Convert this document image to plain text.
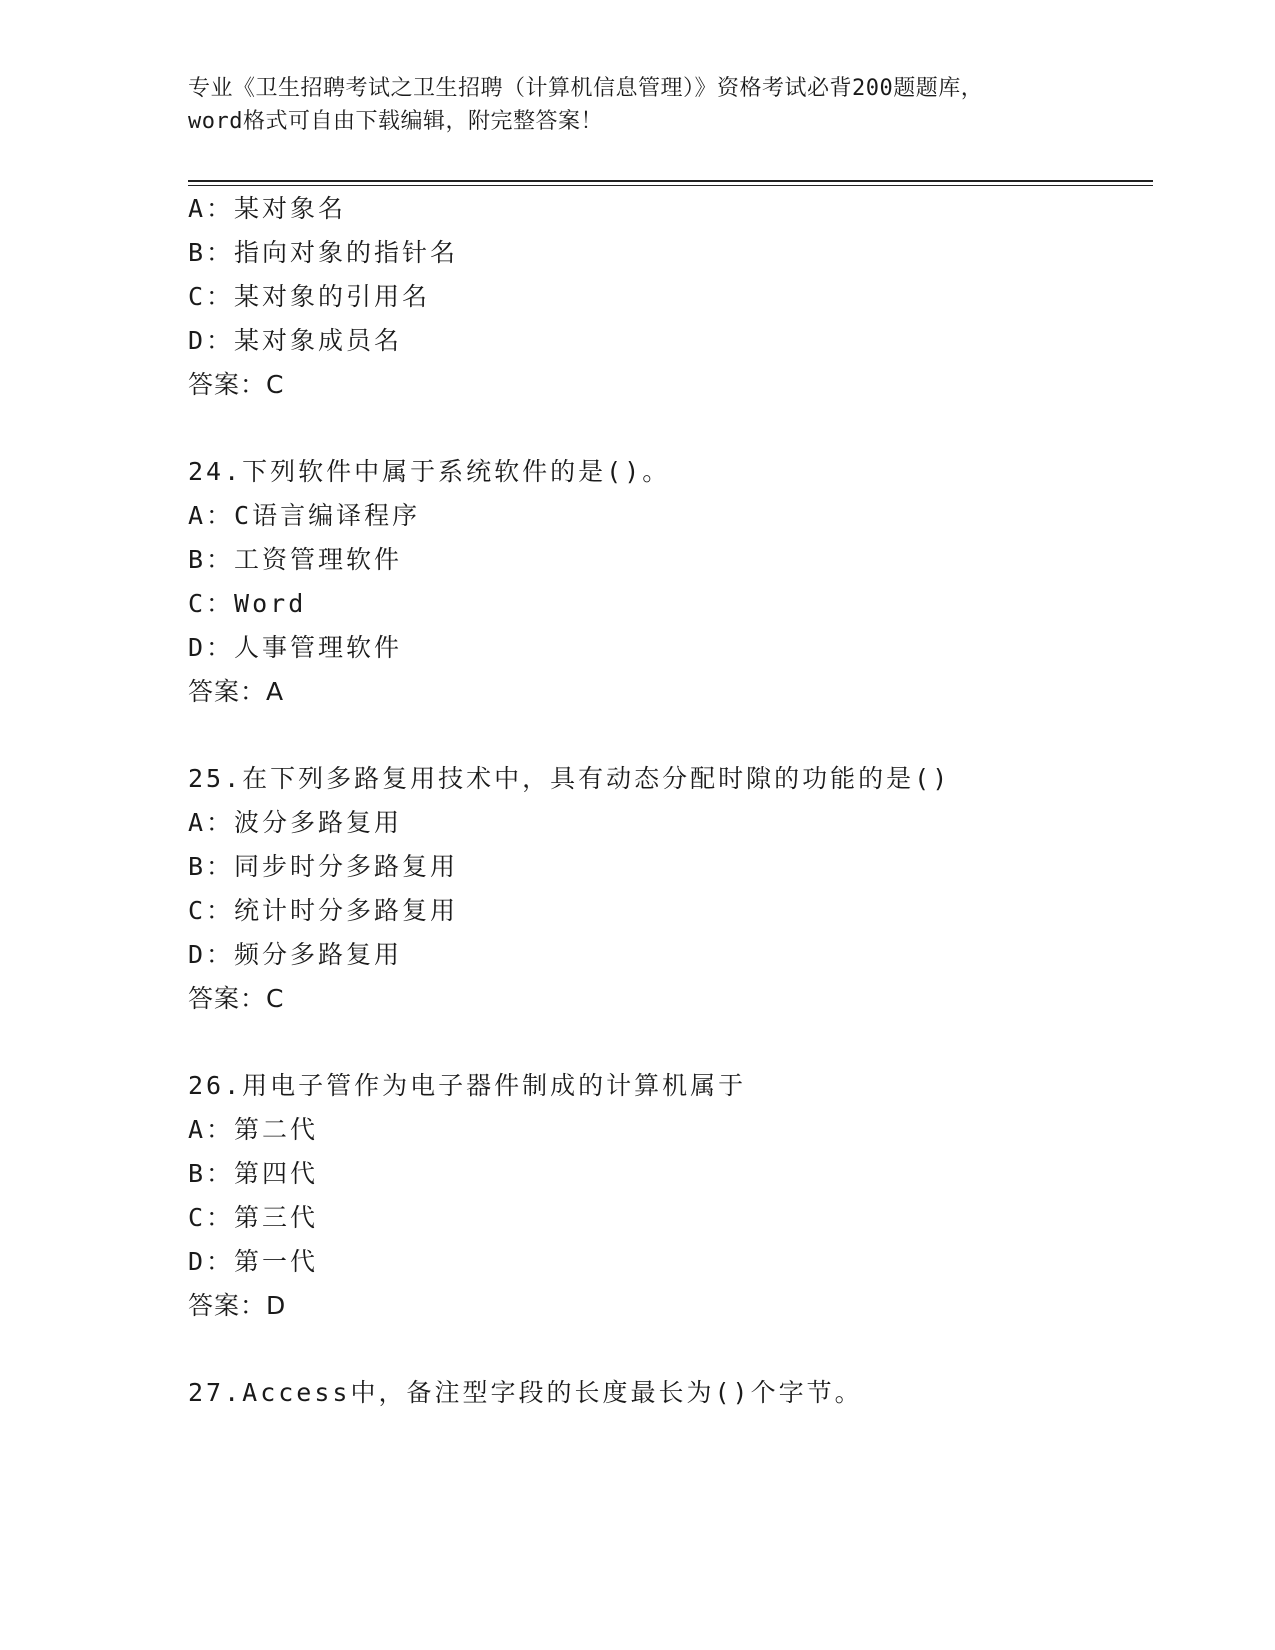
专业《卫生招聘考试之卫生招聘（计算机信息管理）》资格考试必背200题题库，
word格式可自由下载编辑，附完整答案！
A：某对象名
B：指向对象的指针名
C：某对象的引用名
D：某对象成员名
答案：C
24.下列软件中属于系统软件的是()。
A：C语言编译程序
B：工资管理软件
C：Word
D：人事管理软件
答案：A
25.在下列多路复用技术中，具有动态分配时隙的功能的是()
A：波分多路复用
B：同步时分多路复用
C：统计时分多路复用
D：频分多路复用
答案：C
26.用电子管作为电子器件制成的计算机属于
A：第二代
B：第四代
C：第三代
D：第一代
答案：D
27.Access中，备注型字段的长度最长为()个字节。
